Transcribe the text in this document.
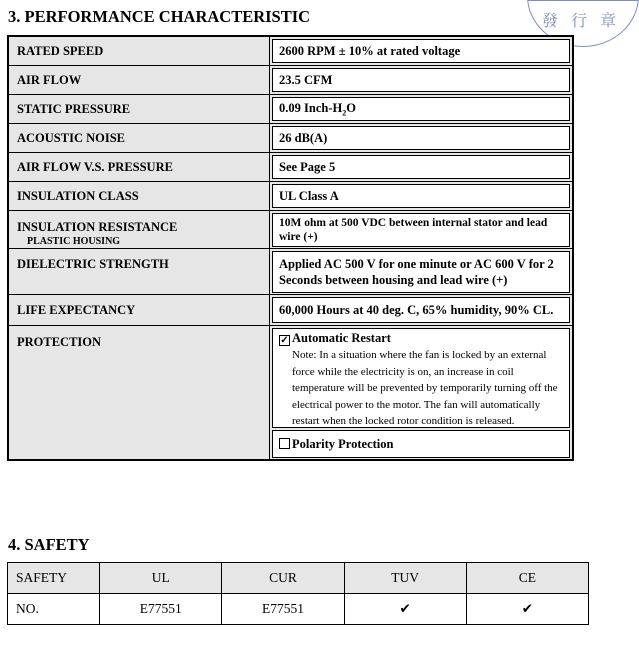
發 行 章
3. PERFORMANCE CHARACTERISTIC
RATED SPEED	2600 RPM ± 10% at rated voltage

AIR FLOW	23.5 CFM

STATIC PRESSURE	0.09 Inch-$H_2O$

ACOUSTIC NOISE	26 dB(A)

AIR FLOW V.S. PRESSURE	See Page 5

INSULATION CLASS	UL Class A

INSULATION RESISTANCE
PLASTIC HOUSING	10M ohm at 500 VDC between internal stator and lead wire (+)

DIELECTRIC STRENGTH	Applied AC 500 V for one minute or AC 600 V for 2 Seconds between housing and lead wire (+)

LIFE EXPECTANCY	60,000 Hours at 40 deg. C, 65% humidity, 90% CL.

PROTECTION	✓ Automatic Restart
Note: In a situation where the fan is locked by an external force while the electricity is on, an increase in coil temperature will be prevented by temporarily turning off the electrical power to the motor. The fan will automatically restart when the locked rotor condition is released.
Polarity Protection
4. SAFETY
SAFETY	UL	CUR	TUV	CE
NO.	E77551	E77551	✔	✔
